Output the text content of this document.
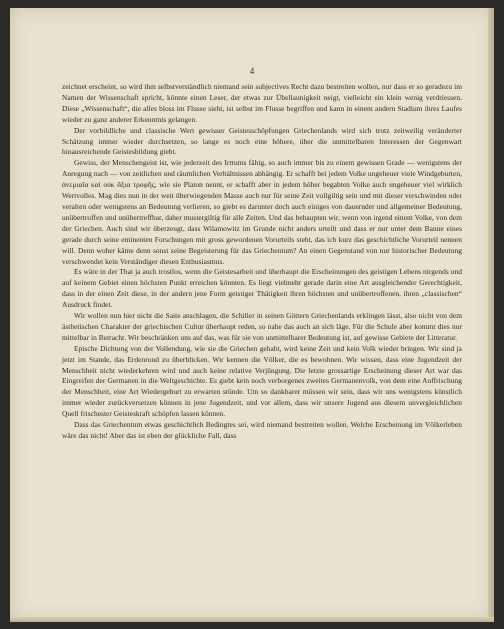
4

zeichnet erscheint, so wird ihm selbstverständlich niemand sein subjectives Recht dazu bestreiten wollen, nur dass er so geradezu im Namen der Wissenschaft spricht, könnte einen Leser, der etwas zur Übellaunigkeit neigt, vielleicht ein klein wenig verdriessen. Diese „Wissenschaft“, die alles bloss im Flusse sieht, ist selbst im Flusse begriffen und kann in einem andern Stadium ihres Laufes wieder zu ganz anderer Erkenntnis gelangen.

Der vorbildliche und classische Wert gewisser Geistesschöpfungen Griechenlands wird sich trotz zeitweilig veränderter Schätzung immer wieder durchsetzen, so lange es noch eine höhere, über die unmittelbaren Interessen der Gegenwart hinausreichende Geistesbildung giebt.

Gewiss, der Menschengeist ist, wie jederzeit des Irrtums fähig, so auch immer bis zu einem gewissen Grade — wenigstens der Anregung nach — von zeitlichen und räumlichen Verhältnissen abhängig. Er schafft bei jedem Volke ungeheuer viele Windgeburten, ἀνεμιαῖα καὶ οὐκ ἄξια τροφῆς, wie sie Platon nennt, er schafft aber in jedem höher begabten Volke auch ungeheuer viel wirklich Wertvolles. Mag dies nun in der weit überwiegenden Masse auch nur für seine Zeit vollgiltig sein und mit dieser verschwinden oder veralten oder wenigstens an Bedeutung verlieren, so giebt es darunter doch auch einiges von dauernder und allgemeiner Bedeutung, unübertroffen und unübertreffbar, daher mustergiltig für alle Zeiten. Und das behaupten wir, wenn von irgend einem Volke, von dem der Griechen. Auch sind wir überzeugt, dass Wilamowitz im Grunde nicht anders urteilt und dass er nur unter dem Banne eines gerade durch seine eminenten Forschungen mit gross gewordenen Vorurteils steht, das ich kurz das geschichtliche Vorurteil nennen will. Denn woher käme denn sonst seine Begeisterung für das Griechentum? An einen Gegenstand von nur historischer Bedeutung verschwendet kein Verständiger diesen Enthusiasmus.

Es wäre in der That ja auch trostlos, wenn die Geistesarbeit und überhaupt die Erscheinungen des geistigen Lebens nirgends und auf keinem Gebiet einen höchsten Punkt erreichen könnten. Es liegt vielmehr gerade darin eine Art ausgleichender Gerechtigkeit, dass in der einen Zeit diese, in der andern jene Form geistiger Thätigkeit ihren höchsten und unübertroffenen, ihren „classischen“ Ausdruck findet.

Wir wollen nun hier nicht die Saite anschlagen, die Schiller in seinen Göttern Griechenlands erklingen lässt, also nicht von dem ästhetischen Charakter der griechischen Cultur überhaupt reden, so nahe das auch an sich läge. Für die Schule aber kommt dies nur mittelbar in Betracht. Wir beschränken uns auf das, was für sie von unmittelbarer Bedeutung ist, auf gewisse Gebiete der Litteratur.

Epische Dichtung von der Vollendung, wie sie die Griechen gehabt, wird keine Zeit und kein Volk wieder bringen. Wir sind ja jetzt im Stande, das Erdenrund zu überblicken. Wir kennen die Völker, die es bewohnen. Wir wissen, dass eine Jugendzeit der Menschheit nicht wiederkehren wird und auch keine relative Verjüngung. Die letzte grossartige Erscheinung dieser Art war das Eingreifen der Germanen in die Weltgeschichte. Es giebt kein noch verborgenes zweites Germanenvolk, von dem eine Auffrischung der Menschheit, eine Art Wiedergeburt zu erwarten stünde. Um so dankbarer müssen wir sein, dass wir uns wenigstens künstlich immer wieder zurückversetzen können in jene Jugendzeit, und vor allem, dass wir unsere Jugend aus diesem unvergleichlichen Quell frischester Geisteskraft schöpfen lassen können.

Dass das Griechentum etwas geschichtlich Bedingtes sei, wird niemand bestreiten wollen. Welche Erscheinung im Völkerleben wäre das nicht! Aber das ist eben der glückliche Fall, dass
